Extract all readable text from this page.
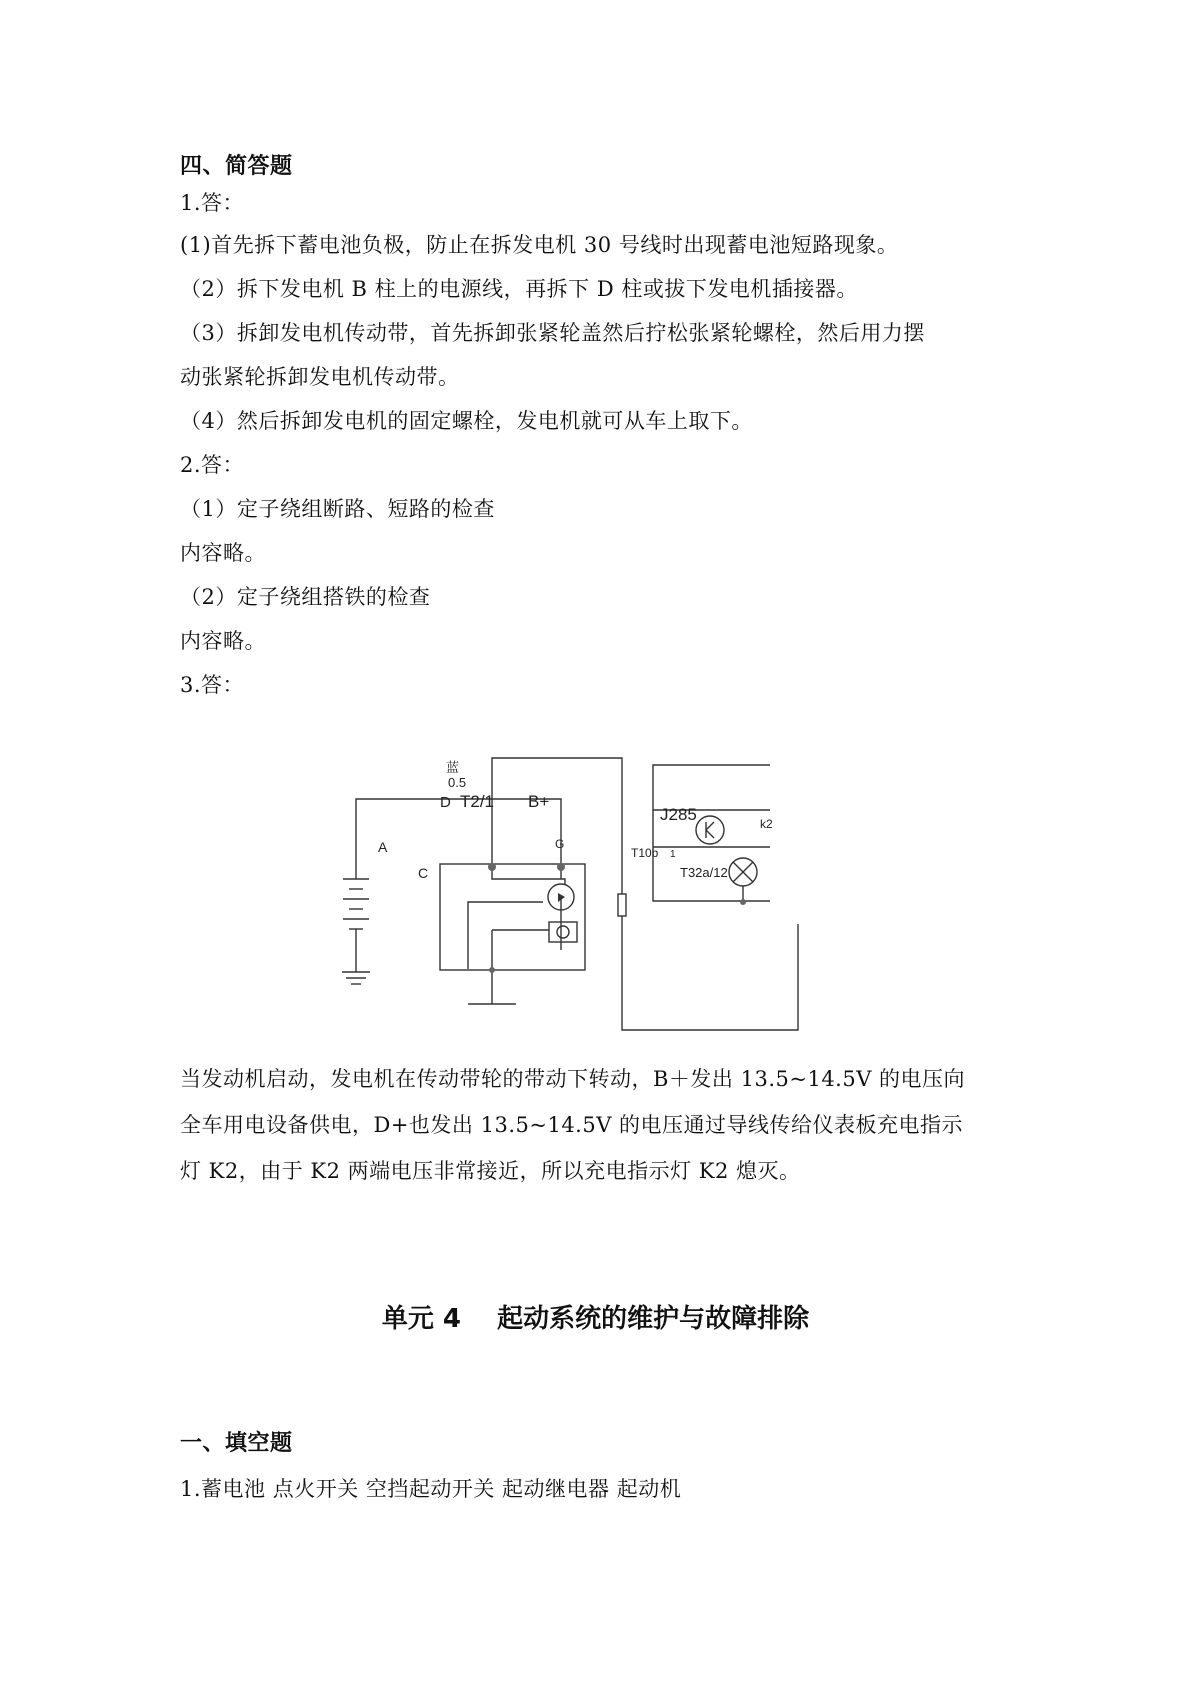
四、简答题
1.答：
(1)首先拆下蓄电池负极，防止在拆发电机 30 号线时出现蓄电池短路现象。
（2）拆下发电机 B 柱上的电源线，再拆下 D 柱或拔下发电机插接器。
（3）拆卸发电机传动带，首先拆卸张紧轮盖然后拧松张紧轮螺栓，然后用力摆
动张紧轮拆卸发电机传动带。
（4）然后拆卸发电机的固定螺栓，发电机就可从车上取下。
2.答：
（1）定子绕组断路、短路的检查
内容略。
（2）定子绕组搭铁的检查
内容略。
3.答：
蓝
0.5
D T2/1 B+
A
C
G
T10b 1
J285	k2
T32a/12
当发动机启动，发电机在传动带轮的带动下转动，B＋发出 13.5~14.5V 的电压向
全车用电设备供电，D+也发出 13.5~14.5V 的电压通过导线传给仪表板充电指示
灯 K2，由于 K2 两端电压非常接近，所以充电指示灯 K2 熄灭。
单元 4    起动系统的维护与故障排除
一、填空题
1.蓄电池 点火开关 空挡起动开关 起动继电器 起动机
